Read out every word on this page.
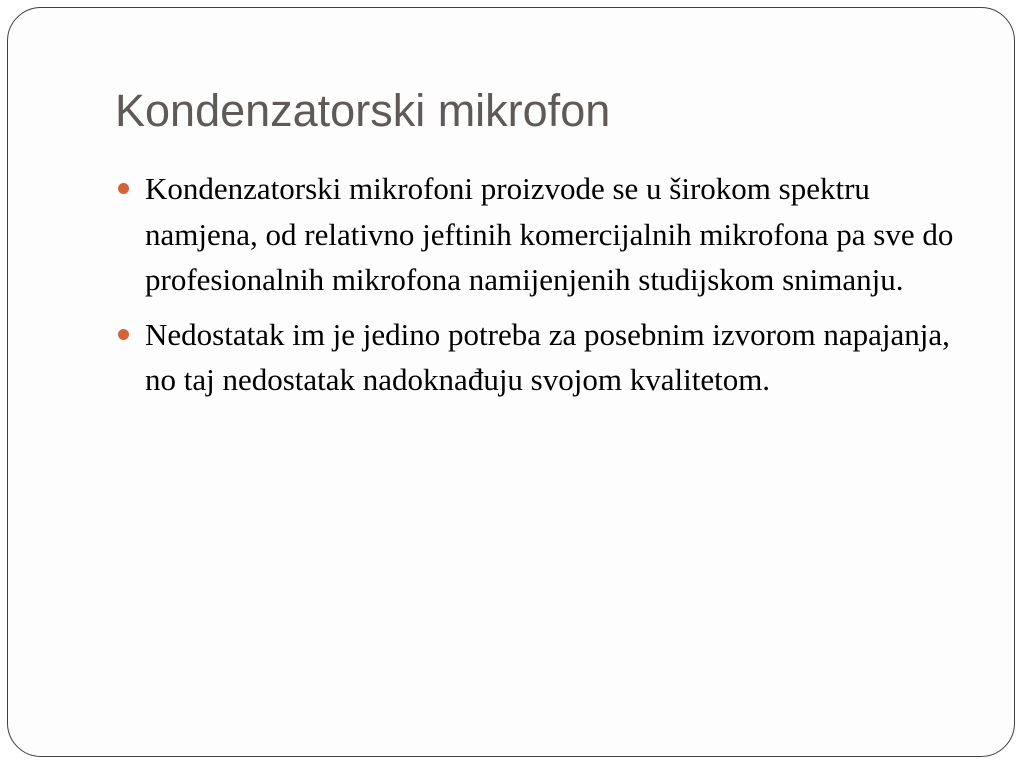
Kondenzatorski mikrofon
Kondenzatorski mikrofoni proizvode se u širokom spektru namjena, od relativno jeftinih komercijalnih mikrofona pa sve do profesionalnih mikrofona namijenjenih studijskom snimanju.
Nedostatak im je jedino potreba za posebnim izvorom napajanja, no taj nedostatak nadoknađuju svojom kvalitetom.
